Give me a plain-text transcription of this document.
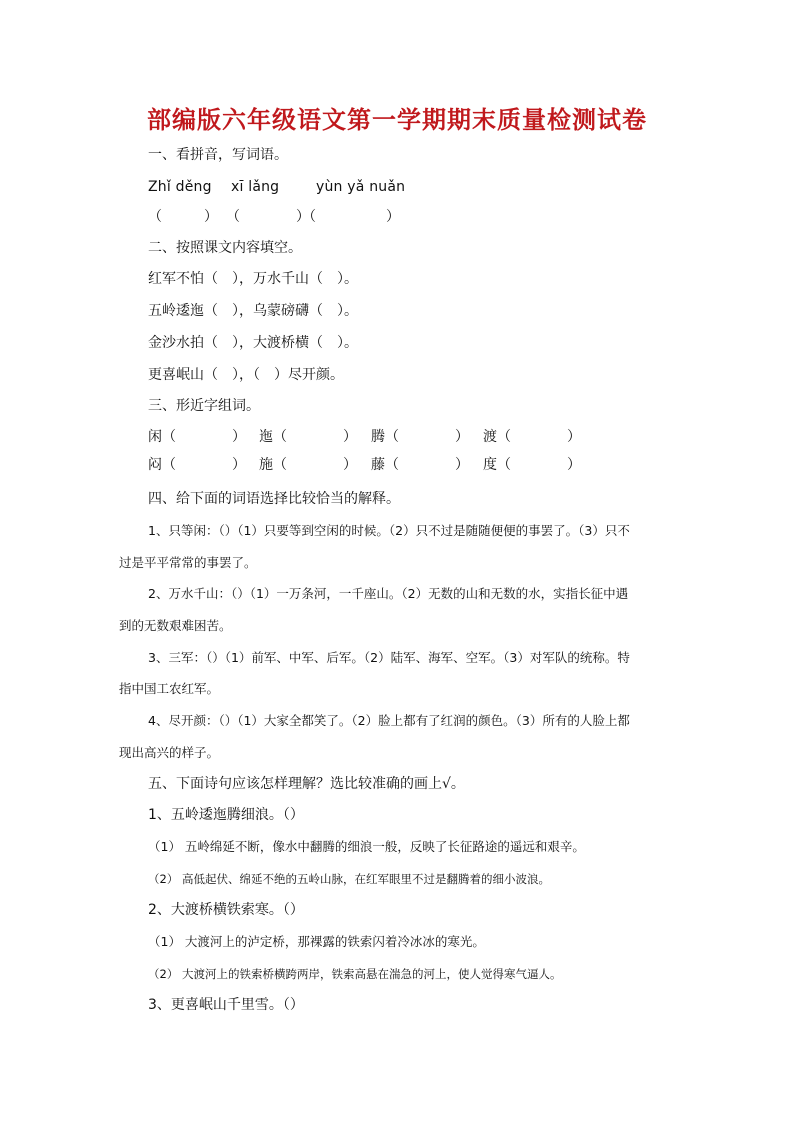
部编版六年级语文第一学期期末质量检测试卷
一、看拼音，写词语。
Zhǐ děng xī lǎng	yùn yǎ nuǎn
（　　　） （　　　　）
（　　　　　）
二、按照课文内容填空。
红军不怕（　），万水千山（　）。
五岭逶迤（　），乌蒙磅礴（　）。
金沙水拍（　），大渡桥横（　）。
更喜岷山（　），（　）尽开颜。
三、形近字组词。
闲（　　　　） 迤（　　　　） 腾（　　　　） 渡（　　　　）
闷（　　　　） 施（　　　　） 藤（　　　　） 度（　　　　）
四、给下面的词语选择比较恰当的解释。
1、只等闲：（）（1）只要等到空闲的时候。（2）只不过是随随便便的事罢了。（3）只不
过是平平常常的事罢了。
2、万水千山：（）（1）一万条河，一千座山。（2）无数的山和无数的水，实指长征中遇
到的无数艰难困苦。
3、三军：（）（1）前军、中军、后军。（2）陆军、海军、空军。（3）对军队的统称。特
指中国工农红军。
4、尽开颜：（）（1）大家全都笑了。（2）脸上都有了红润的颜色。（3）所有的人脸上都
现出高兴的样子。
五、下面诗句应该怎样理解？选比较准确的画上√。
1、五岭逶迤腾细浪。（）
（1） 五岭绵延不断，像水中翻腾的细浪一般，反映了长征路途的遥远和艰辛。
（2） 高低起伏、绵延不绝的五岭山脉，在红军眼里不过是翻腾着的细小波浪。
2、大渡桥横铁索寒。（）
（1） 大渡河上的泸定桥，那裸露的铁索闪着冷冰冰的寒光。
（2） 大渡河上的铁索桥横跨两岸，铁索高悬在湍急的河上，使人觉得寒气逼人。
3、更喜岷山千里雪。（）
